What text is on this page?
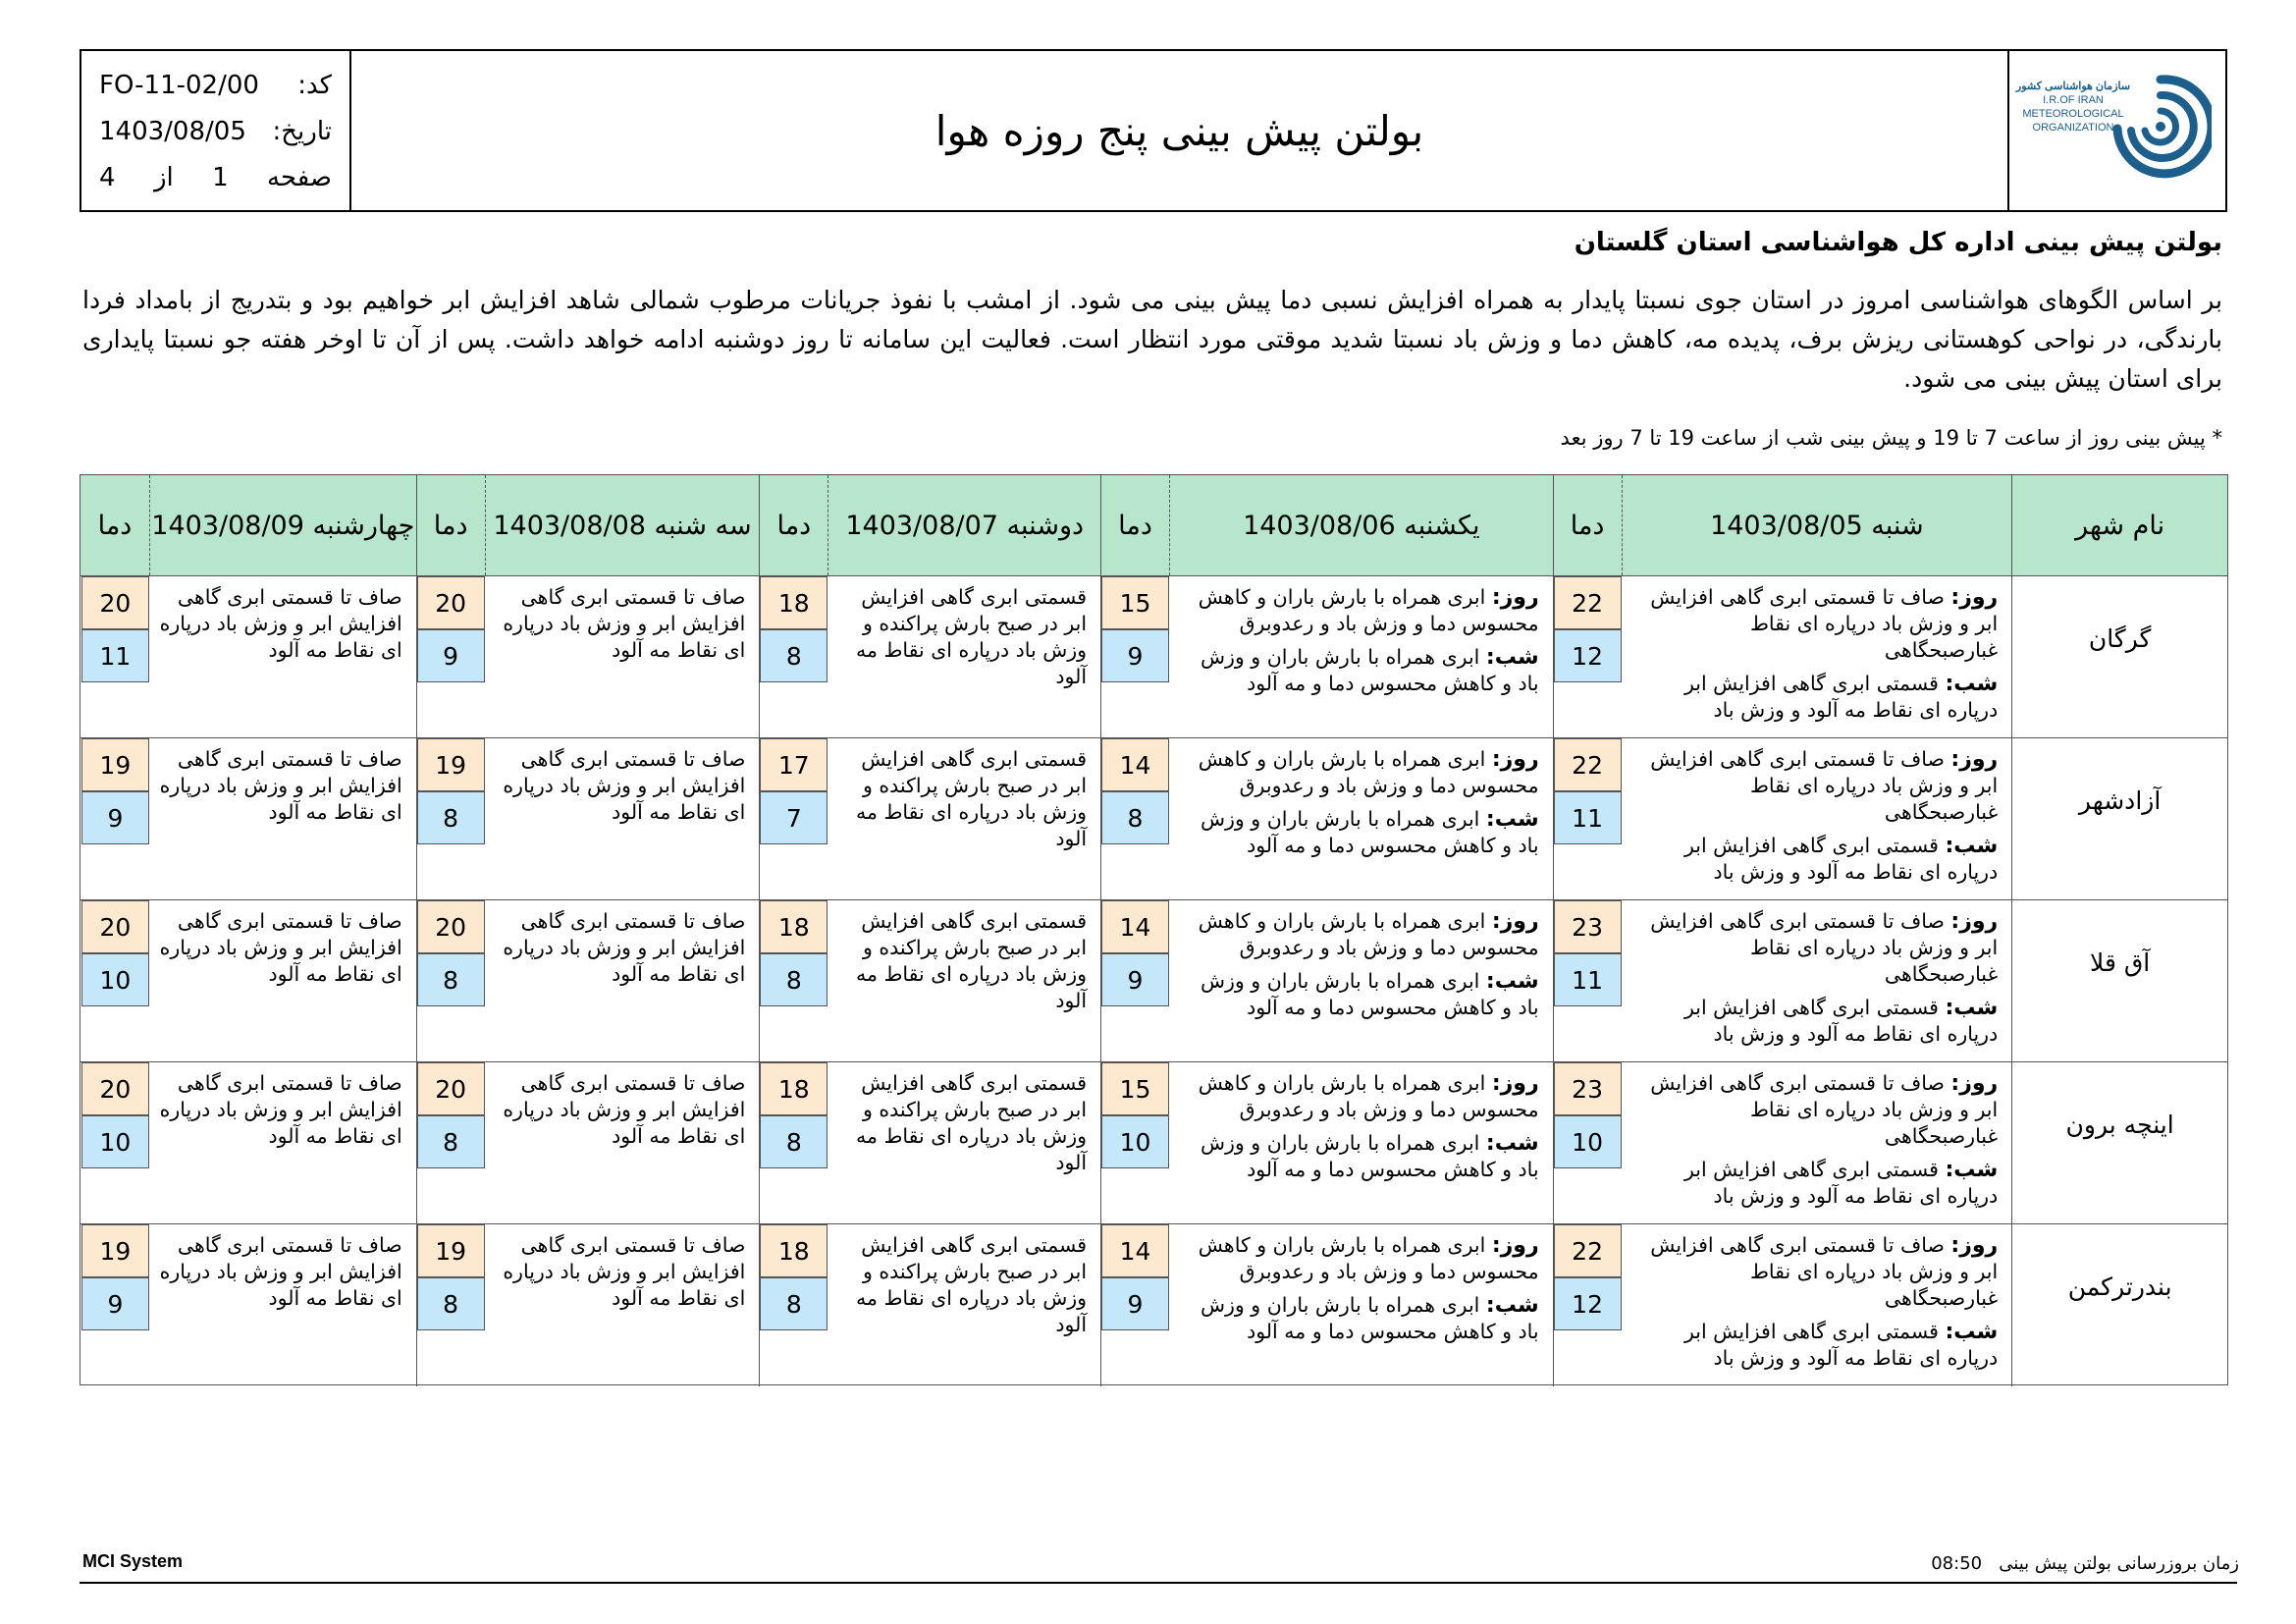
FO-11-02/00 کد:
1403/08/05 تاریخ:
صفحه
1
از
4
بولتن پیش بینی پنج روزه هوا
سازمان هواشناسی کشور
I.R.OF IRAN
METEOROLOGICAL
ORGANIZATION
بولتن پیش بینی اداره کل هواشناسی استان گلستان
بر اساس الگوهای هواشناسی امروز در استان جوی نسبتا پایدار به همراه افزایش نسبی دما پیش بینی می شود. از امشب با نفوذ جریانات مرطوب شمالی شاهد افزایش ابر خواهیم بود و بتدریج از بامداد فردا بارندگی، در نواحی کوهستانی ریزش برف، پدیده مه، کاهش دما و وزش باد نسبتا شدید موقتی مورد انتظار است. فعالیت این سامانه تا روز دوشنبه ادامه خواهد داشت. پس از آن تا اوخر هفته جو نسبتا پایداری برای استان پیش بینی می شود.
* پیش بینی روز از ساعت 7 تا 19 و پیش بینی شب از ساعت 19 تا 7 روز بعد
نام شهر
شنبه 1403/08/05
دما
یکشنبه 1403/08/06
دما
دوشنبه 1403/08/07
دما
سه شنبه 1403/08/08
دما
چهارشنبه 1403/08/09
دما
گرگان

روز: صاف تا قسمتی ابری گاهی افزایش ابر و وزش باد درپاره ای نقاط غبارصبحگاهی

شب: قسمتی ابری گاهی افزایش ابر درپاره ای نقاط مه آلود و وزش باد

22
12

روز: ابری همراه با بارش باران و کاهش محسوس دما و وزش باد و رعدوبرق

شب: ابری همراه با بارش باران و وزش باد و کاهش محسوس دما و مه آلود

15
9

قسمتی ابری گاهی افزایش ابر در صبح بارش پراکنده و وزش باد درپاره ای نقاط مه آلود

18
8

صاف تا قسمتی ابری گاهی افزایش ابر و وزش باد درپاره ای نقاط مه آلود

20
9

صاف تا قسمتی ابری گاهی افزایش ابر و وزش باد درپاره ای نقاط مه آلود

20
11
آزادشهر

روز: صاف تا قسمتی ابری گاهی افزایش ابر و وزش باد درپاره ای نقاط غبارصبحگاهی

شب: قسمتی ابری گاهی افزایش ابر درپاره ای نقاط مه آلود و وزش باد

22
11

روز: ابری همراه با بارش باران و کاهش محسوس دما و وزش باد و رعدوبرق

شب: ابری همراه با بارش باران و وزش باد و کاهش محسوس دما و مه آلود

14
8

قسمتی ابری گاهی افزایش ابر در صبح بارش پراکنده و وزش باد درپاره ای نقاط مه آلود

17
7

صاف تا قسمتی ابری گاهی افزایش ابر و وزش باد درپاره ای نقاط مه آلود

19
8

صاف تا قسمتی ابری گاهی افزایش ابر و وزش باد درپاره ای نقاط مه آلود

19
9
آق قلا

روز: صاف تا قسمتی ابری گاهی افزایش ابر و وزش باد درپاره ای نقاط غبارصبحگاهی

شب: قسمتی ابری گاهی افزایش ابر درپاره ای نقاط مه آلود و وزش باد

23
11

روز: ابری همراه با بارش باران و کاهش محسوس دما و وزش باد و رعدوبرق

شب: ابری همراه با بارش باران و وزش باد و کاهش محسوس دما و مه آلود

14
9

قسمتی ابری گاهی افزایش ابر در صبح بارش پراکنده و وزش باد درپاره ای نقاط مه آلود

18
8

صاف تا قسمتی ابری گاهی افزایش ابر و وزش باد درپاره ای نقاط مه آلود

20
8

صاف تا قسمتی ابری گاهی افزایش ابر و وزش باد درپاره ای نقاط مه آلود

20
10
اینچه برون

روز: صاف تا قسمتی ابری گاهی افزایش ابر و وزش باد درپاره ای نقاط غبارصبحگاهی

شب: قسمتی ابری گاهی افزایش ابر درپاره ای نقاط مه آلود و وزش باد

23
10

روز: ابری همراه با بارش باران و کاهش محسوس دما و وزش باد و رعدوبرق

شب: ابری همراه با بارش باران و وزش باد و کاهش محسوس دما و مه آلود

15
10

قسمتی ابری گاهی افزایش ابر در صبح بارش پراکنده و وزش باد درپاره ای نقاط مه آلود

18
8

صاف تا قسمتی ابری گاهی افزایش ابر و وزش باد درپاره ای نقاط مه آلود

20
8

صاف تا قسمتی ابری گاهی افزایش ابر و وزش باد درپاره ای نقاط مه آلود

20
10
بندرترکمن

روز: صاف تا قسمتی ابری گاهی افزایش ابر و وزش باد درپاره ای نقاط غبارصبحگاهی

شب: قسمتی ابری گاهی افزایش ابر درپاره ای نقاط مه آلود و وزش باد

22
12

روز: ابری همراه با بارش باران و کاهش محسوس دما و وزش باد و رعدوبرق

شب: ابری همراه با بارش باران و وزش باد و کاهش محسوس دما و مه آلود

14
9

قسمتی ابری گاهی افزایش ابر در صبح بارش پراکنده و وزش باد درپاره ای نقاط مه آلود

18
8

صاف تا قسمتی ابری گاهی افزایش ابر و وزش باد درپاره ای نقاط مه آلود

19
8

صاف تا قسمتی ابری گاهی افزایش ابر و وزش باد درپاره ای نقاط مه آلود

19
9
MCI System	زمان بروزرسانی بولتن پیش بینی   08:50
